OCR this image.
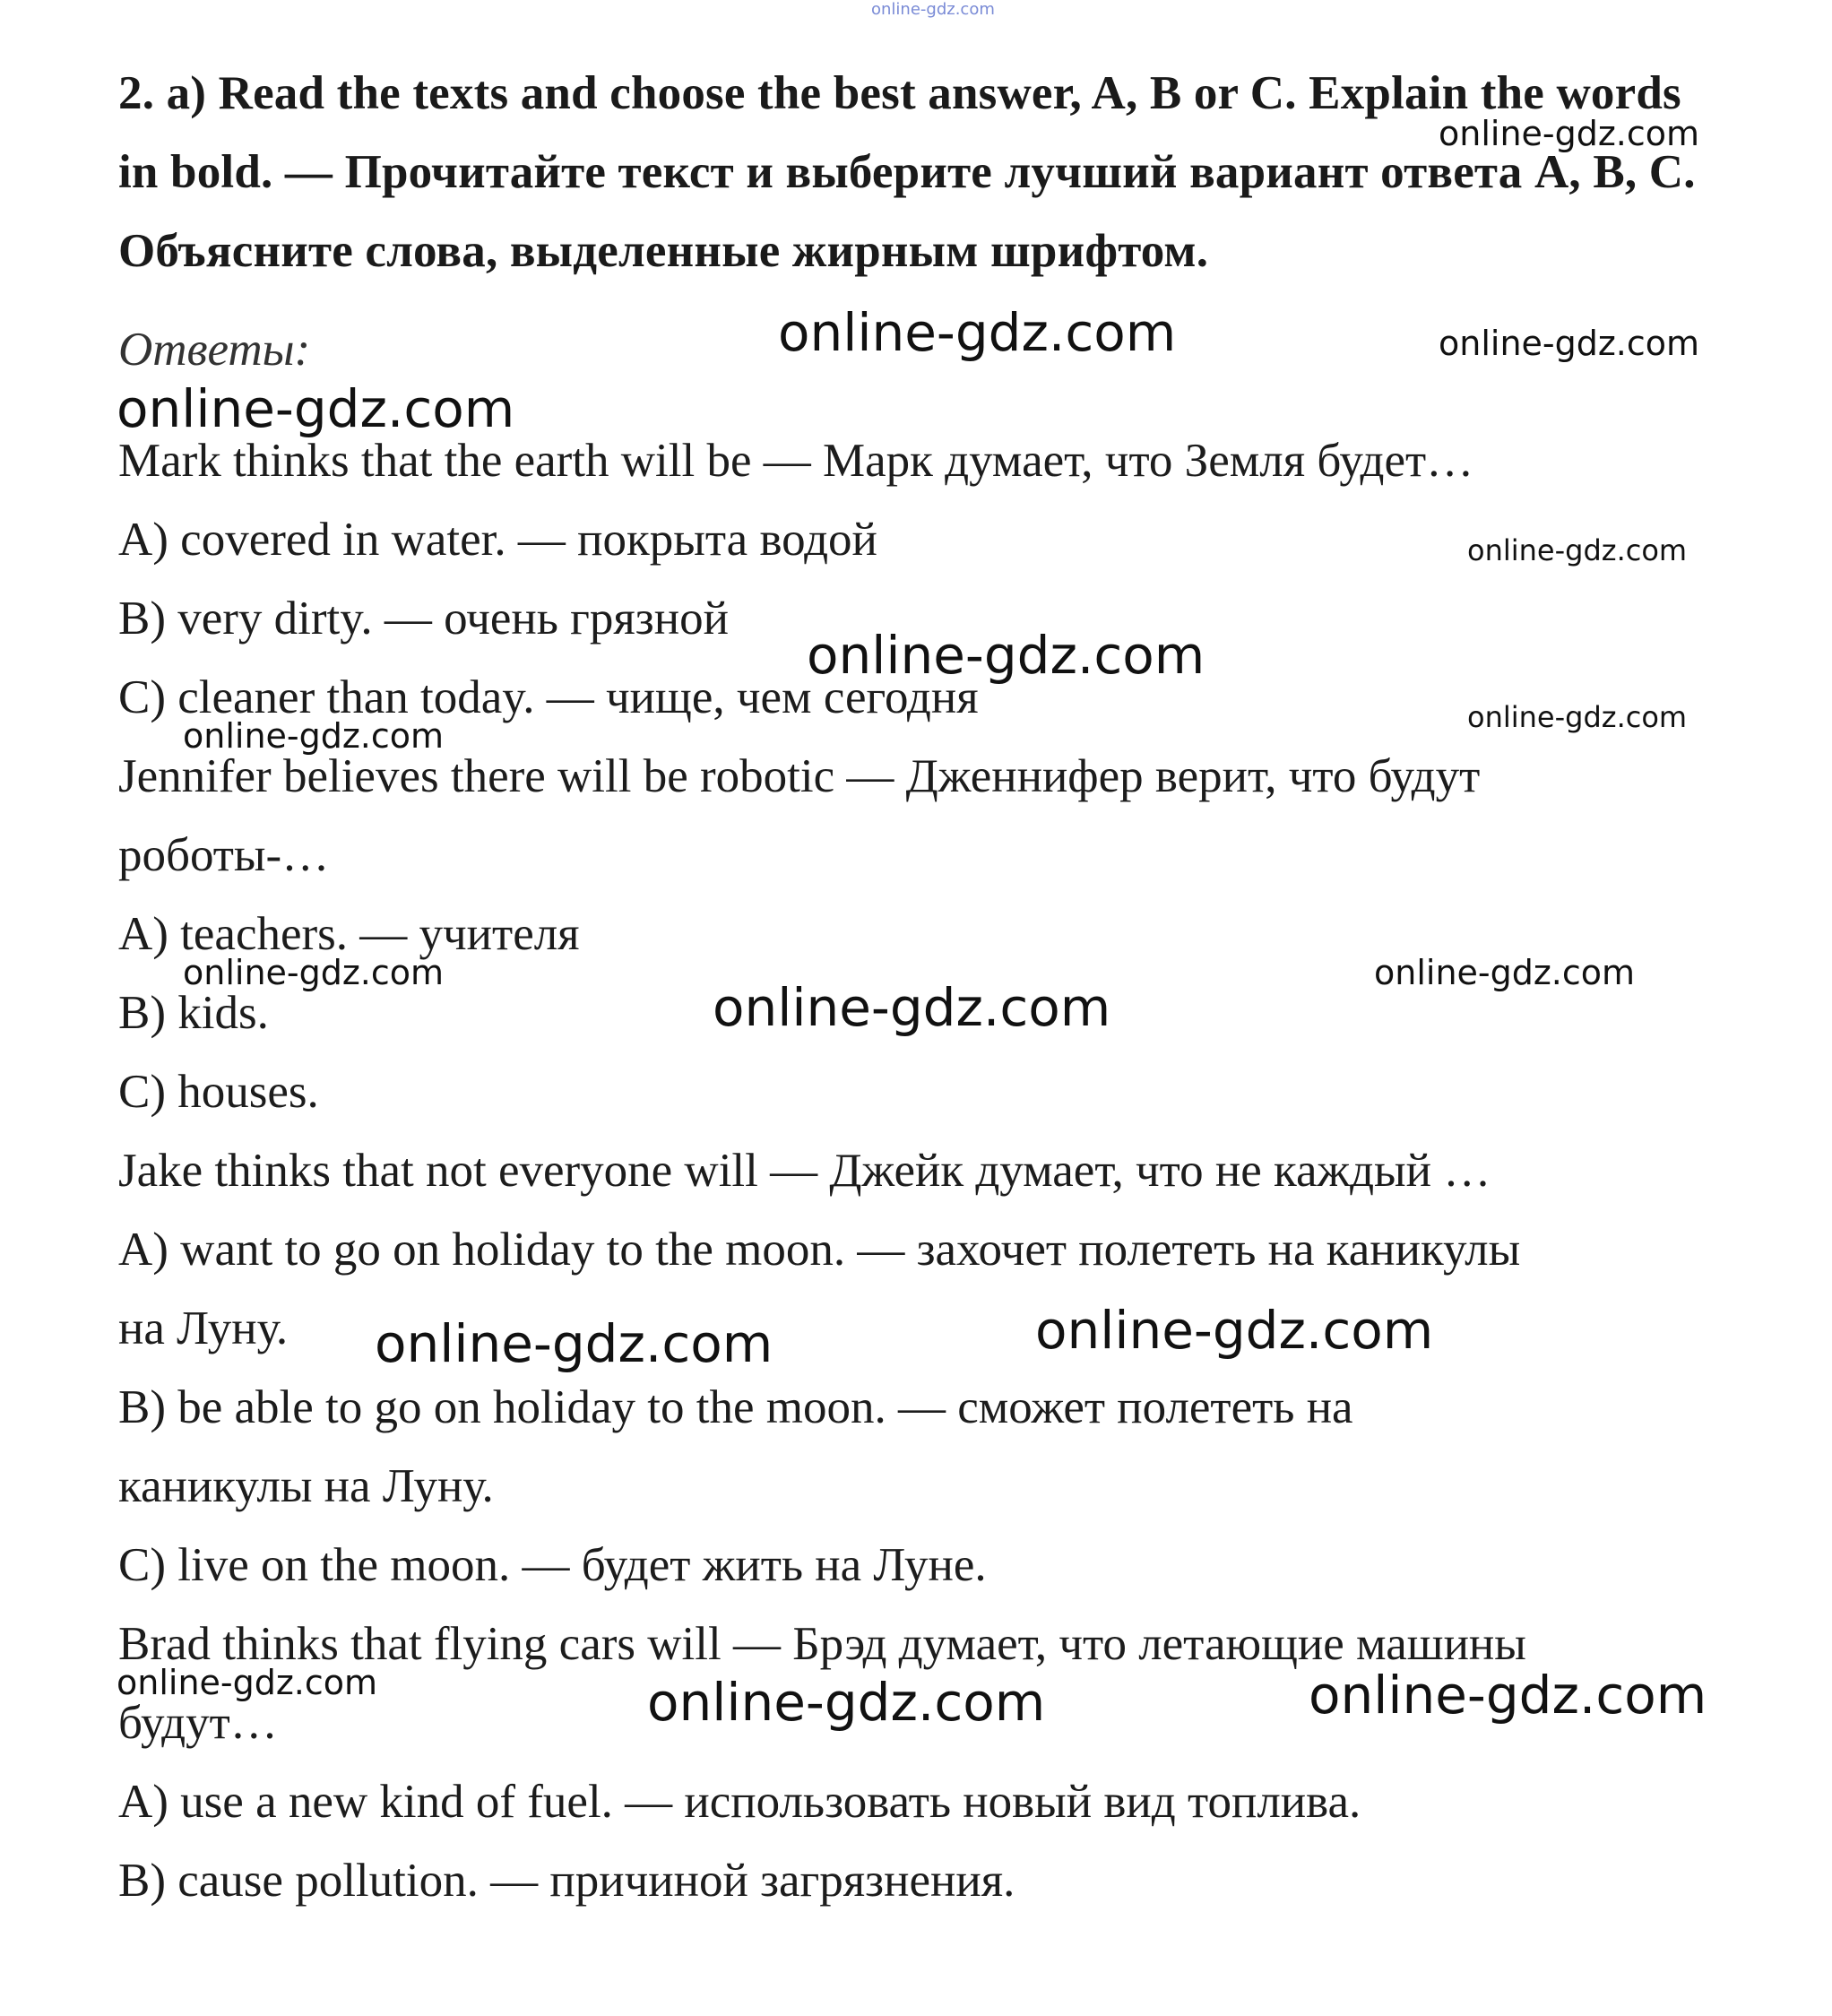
online-gdz.com

2. a) Read the texts and choose the best answer, A, B or C. Explain the words in bold. — Прочитайте текст и выберите лучший вариант ответа A, B, C. Объясните слова, выделенные жирным шрифтом.

Ответы:

Mark thinks that the earth will be — Марк думает, что Земля будет…

A) covered in water. — покрыта водой

B) very dirty. — очень грязной

C) cleaner than today. — чище, чем сегодня

Jennifer believes there will be robotic — Дженнифер верит, что будут

роботы-…

A) teachers. — учителя

B) kids.

C) houses.

Jake thinks that not everyone will — Джейк думает, что не каждый …

A) want to go on holiday to the moon. — захочет полететь на каникулы

на Луну.

B) be able to go on holiday to the moon. — сможет полететь на

каникулы на Луну.

C) live on the moon. — будет жить на Луне.

Brad thinks that flying cars will — Брэд думает, что летающие машины

будут…

A) use a new kind of fuel. — использовать новый вид топлива.

B) cause pollution. — причиной загрязнения.

online-gdz.com
online-gdz.com	online-gdz.com
online-gdz.com
online-gdz.com
online-gdz.com
online-gdz.com
online-gdz.com
online-gdz.com	online-gdz.com
online-gdz.com
online-gdz.com
online-gdz.com
online-gdz.com	online-gdz.com
online-gdz.com
